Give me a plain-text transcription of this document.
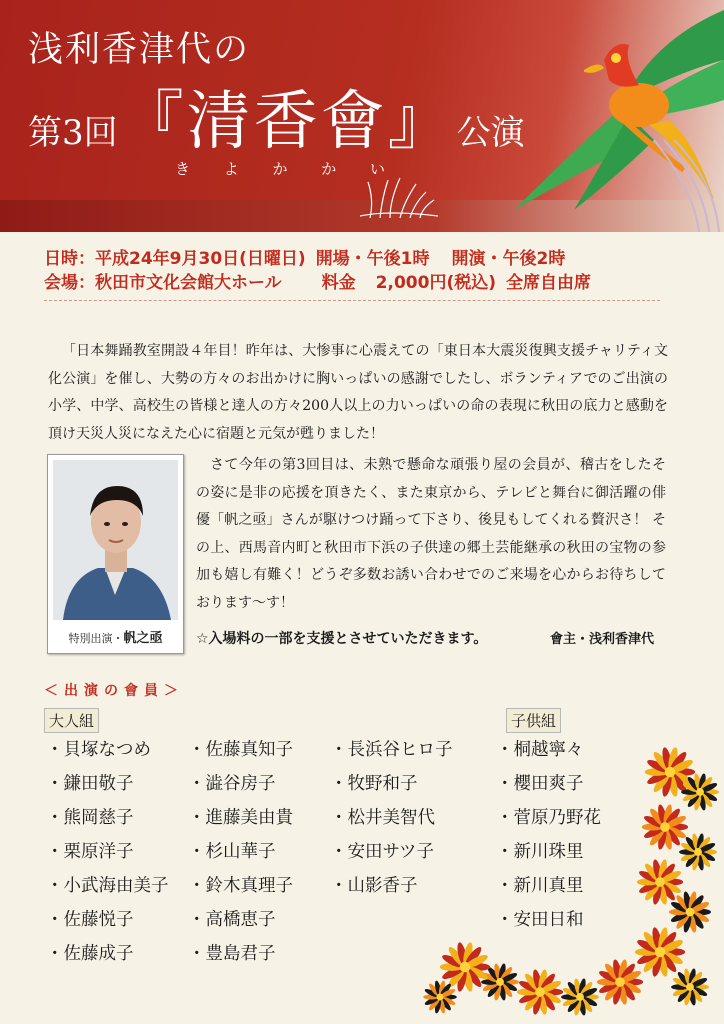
浅利香津代の
第3回 『清香會』 公演
き よ か か い
日時：平成24年9月30日(日曜日) 開場・午後1時 開演・午後2時
会場：秋田市文化会館大ホール 料金 2,000円(税込) 全席自由席
「日本舞踊教室開設４年目！昨年は、大惨事に心震えての「東日本大震災復興支援チャリティ文化公演」を催し、大勢の方々のお出かけに胸いっぱいの感謝でしたし、ボランティアでのご出演の小学、中学、高校生の皆様と達人の方々200人以上の力いっぱいの命の表現に秋田の底力と感動を頂け天災人災になえた心に宿題と元気が甦りました！
特別出演・帆之亟
さて今年の第3回目は、未熟で懸命な頑張り屋の会員が、稽古をしたその姿に是非の応援を頂きたく、また東京から、テレビと舞台に御活躍の俳優「帆之亟」さんが駆けつけ踊って下さり、後見もしてくれる贅沢さ！ その上、西馬音内町と秋田市下浜の子供達の郷土芸能継承の秋田の宝物の参加も嬉し有難く！どうぞ多数お誘い合わせでのご来場を心からお待ちしております〜す！
☆入場料の一部を支援とさせていただきます。	會主・浅利香津代
＜出演の會員＞
大人組	子供組
・貝塚なつめ
・鎌田敬子
・熊岡慈子
・栗原洋子
・小武海由美子
・佐藤悦子
・佐藤成子
・佐藤真知子
・澁谷房子
・進藤美由貴
・杉山華子
・鈴木真理子
・高橋恵子
・豊島君子
・長浜谷ヒロ子
・牧野和子
・松井美智代
・安田サツ子
・山影香子
・桐越寧々
・櫻田爽子
・菅原乃野花
・新川珠里
・新川真里
・安田日和
